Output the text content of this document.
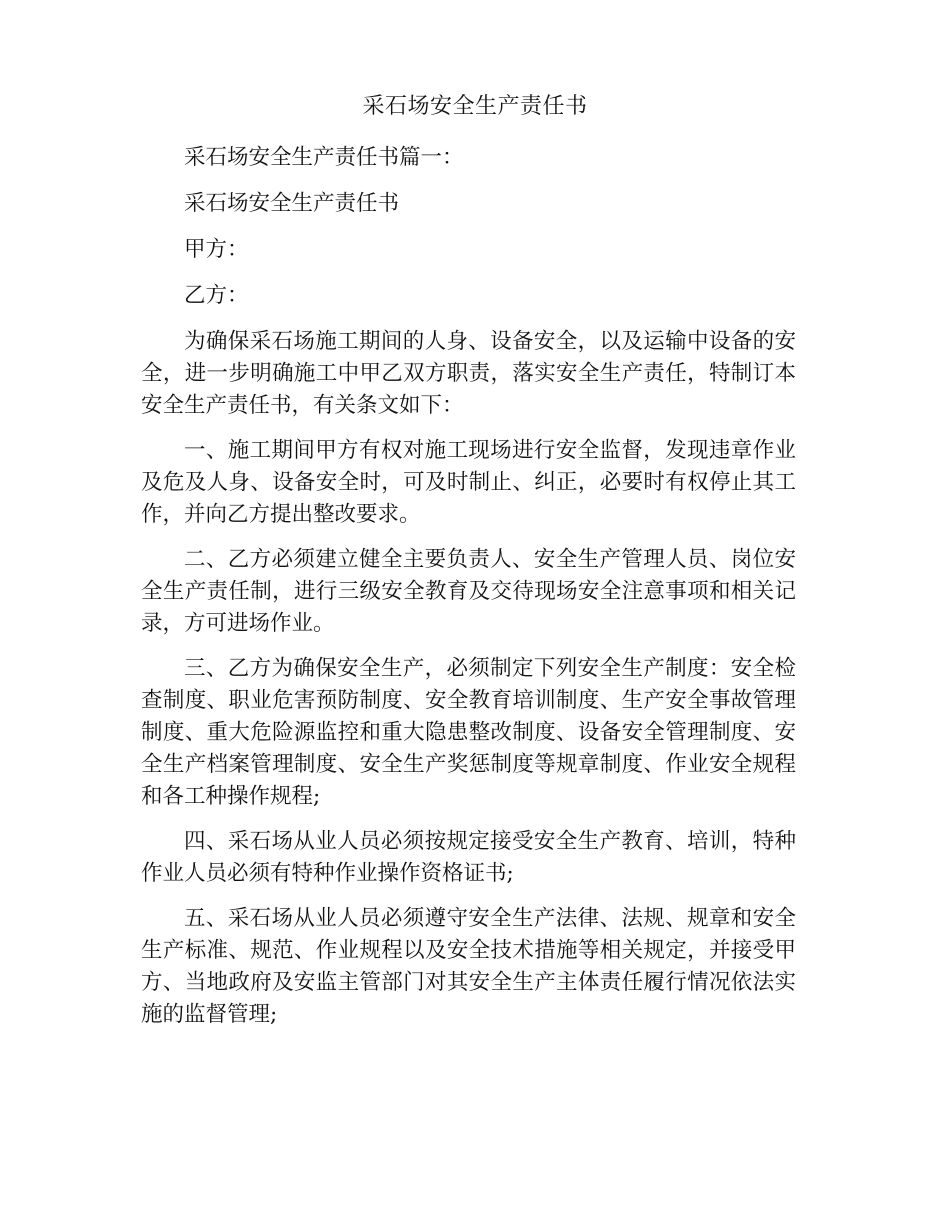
采石场安全生产责任书

采石场安全生产责任书篇一：

采石场安全生产责任书

甲方：

乙方：

为确保采石场施工期间的人身、设备安全，以及运输中设备的安全，进一步明确施工中甲乙双方职责，落实安全生产责任，特制订本安全生产责任书，有关条文如下：

一、施工期间甲方有权对施工现场进行安全监督，发现违章作业及危及人身、设备安全时，可及时制止、纠正，必要时有权停止其工作，并向乙方提出整改要求。

二、乙方必须建立健全主要负责人、安全生产管理人员、岗位安全生产责任制，进行三级安全教育及交待现场安全注意事项和相关记录，方可进场作业。

三、乙方为确保安全生产，必须制定下列安全生产制度：安全检查制度、职业危害预防制度、安全教育培训制度、生产安全事故管理制度、重大危险源监控和重大隐患整改制度、设备安全管理制度、安全生产档案管理制度、安全生产奖惩制度等规章制度、作业安全规程和各工种操作规程;

四、采石场从业人员必须按规定接受安全生产教育、培训，特种作业人员必须有特种作业操作资格证书;

五、采石场从业人员必须遵守安全生产法律、法规、规章和安全生产标准、规范、作业规程以及安全技术措施等相关规定，并接受甲方、当地政府及安监主管部门对其安全生产主体责任履行情况依法实施的监督管理;
